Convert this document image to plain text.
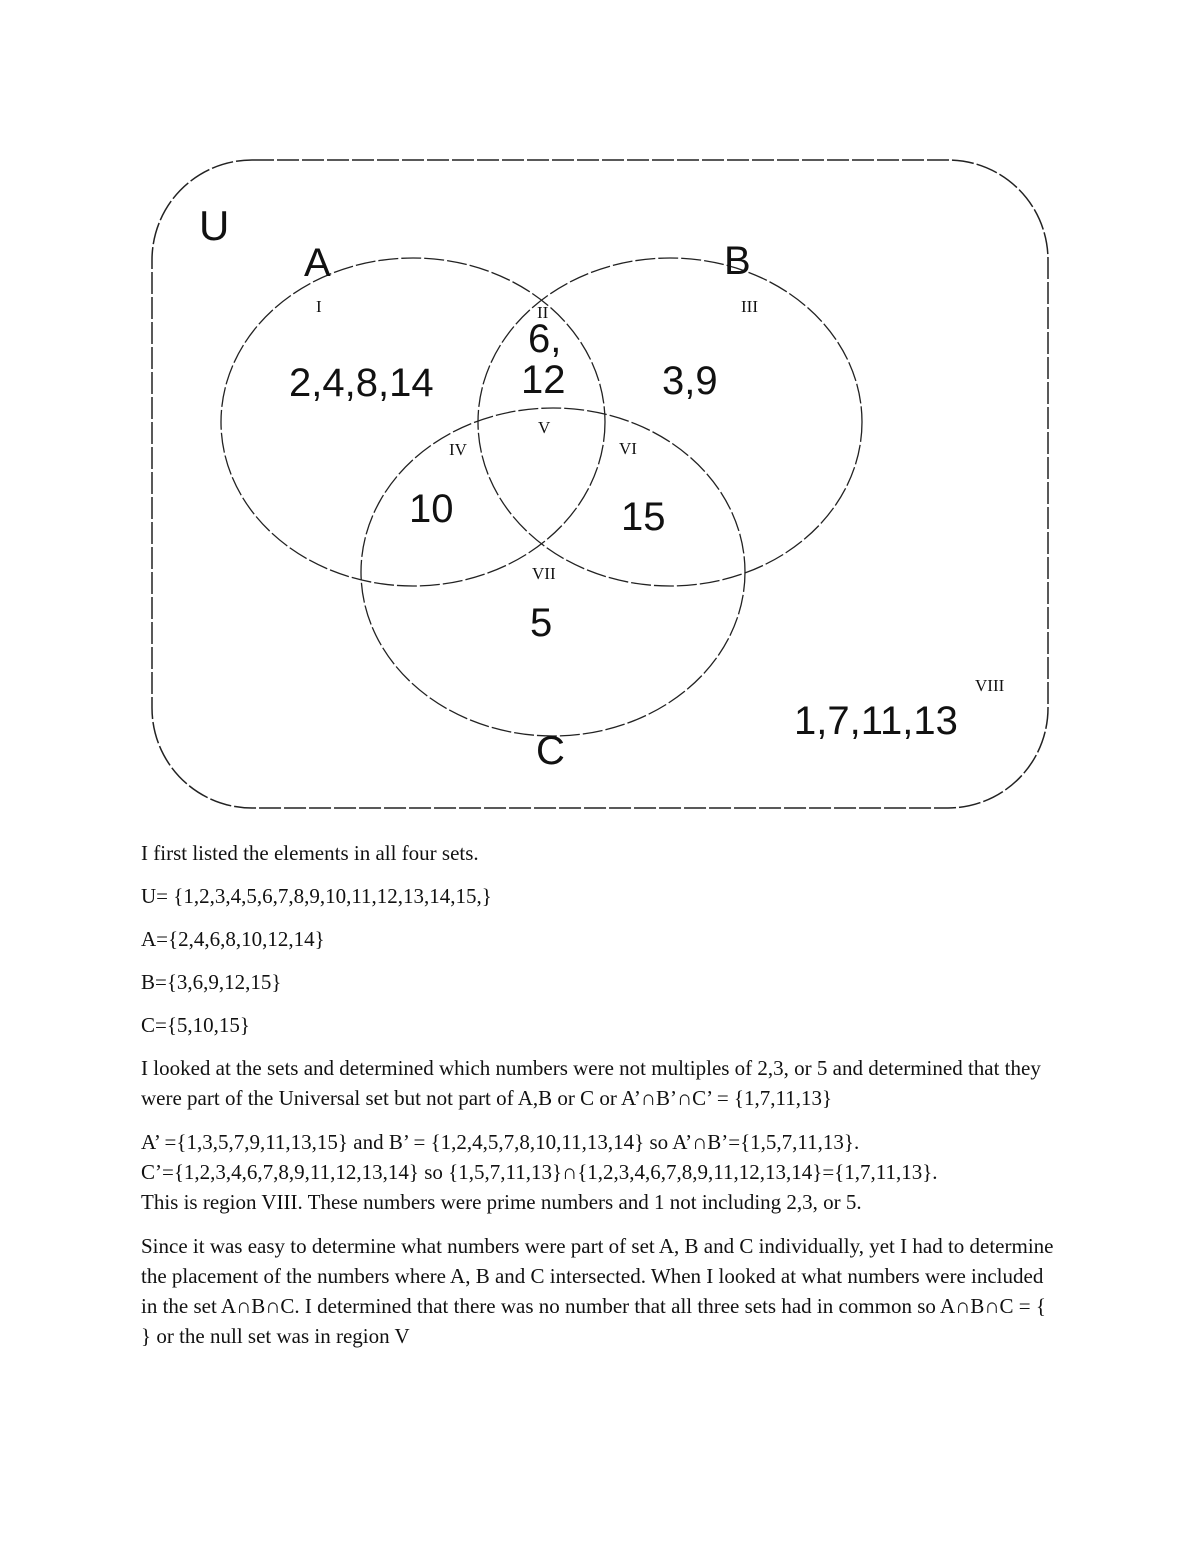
U
A	B
C
I	II	III
IV
V
VI
VII
VIII
2,4,8,14
6,
12 3,9
10	15
5
1,7,11,13

I first listed the elements in all four sets.

U= {1,2,3,4,5,6,7,8,9,10,11,12,13,14,15,}

A={2,4,6,8,10,12,14}

B={3,6,9,12,15}

C={5,10,15}

I looked at the sets and determined which numbers were not multiples of 2,3, or 5 and determined that they were part of the Universal set but not part of A,B or C or A’∩B’∩C’ = {1,7,11,13}

A’ ={1,3,5,7,9,11,13,15} and B’ = {1,2,4,5,7,8,10,11,13,14} so A’∩B’={1,5,7,11,13}.
C’={1,2,3,4,6,7,8,9,11,12,13,14} so {1,5,7,11,13}∩{1,2,3,4,6,7,8,9,11,12,13,14}={1,7,11,13}.
This is region VIII. These numbers were prime numbers and 1 not including 2,3, or 5.

Since it was easy to determine what numbers were part of set A, B and C individually, yet I had to determine the placement of the numbers where A, B and C intersected. When I looked at what numbers were included in the set A∩B∩C. I determined that there was no number that all three sets had in common so A∩B∩C = { } or the null set was in region V
